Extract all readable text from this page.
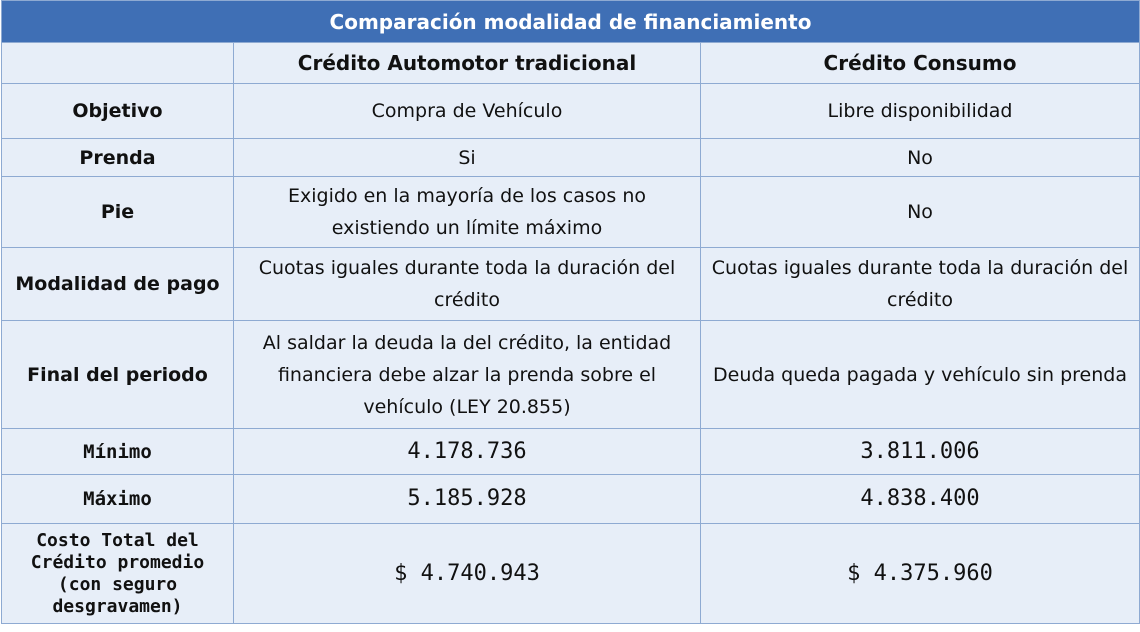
Comparación modalidad de financiamiento		
	Crédito Automotor tradicional	Crédito Consumo
Objetivo	Compra de Vehículo	Libre disponibilidad
Prenda	Si	No
Pie	Exigido en la mayoría de los casos no existiendo un límite máximo	No
Modalidad de pago	Cuotas iguales durante toda la duración del crédito	Cuotas iguales durante toda la duración del crédito
Final del periodo	Al saldar la deuda la del crédito, la entidad financiera debe alzar la prenda sobre el vehículo (LEY 20.855)	Deuda queda pagada y vehículo sin prenda
Mínimo	4.178.736	3.811.006
Máximo	5.185.928	4.838.400
Costo Total del Crédito promedio (con seguro desgravamen)	$ 4.740.943	$ 4.375.960
